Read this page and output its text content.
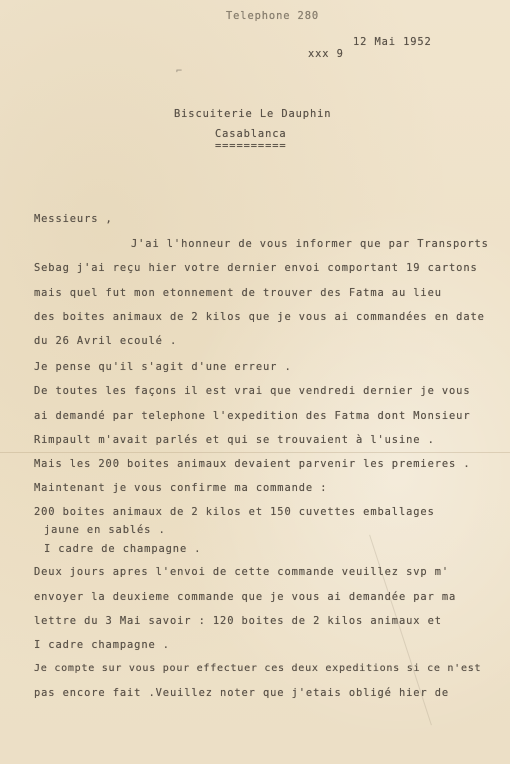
Telephone 280
12 Mai 1952
xxx 9
⌐
Biscuiterie Le Dauphin
Casablanca
==========
Messieurs ,
J'ai l'honneur de vous informer que par Transports
Sebag j'ai reçu hier votre dernier envoi comportant 19 cartons
mais quel fut mon etonnement de trouver des Fatma au lieu
des boites animaux de 2 kilos que je vous ai commandées en date
du 26 Avril ecoulé .
Je pense qu'il s'agit d'une erreur .
De toutes les façons il est vrai que vendredi dernier je vous
ai demandé par telephone l'expedition des Fatma dont Monsieur
Rimpault m'avait parlés et qui se trouvaient à l'usine .
Mais les 200 boites animaux devaient parvenir les premieres .
Maintenant je vous confirme ma commande :
200 boites animaux de 2 kilos et 150 cuvettes emballages
jaune en sablés .
I cadre de champagne .
Deux jours apres l'envoi de cette commande veuillez svp m'
envoyer la deuxieme commande que je vous ai demandée par ma
lettre du 3 Mai savoir : 120 boites de 2 kilos animaux et
I cadre champagne .
Je compte sur vous pour effectuer ces deux expeditions si ce n'est
pas encore fait .Veuillez noter que j'etais obligé hier de
